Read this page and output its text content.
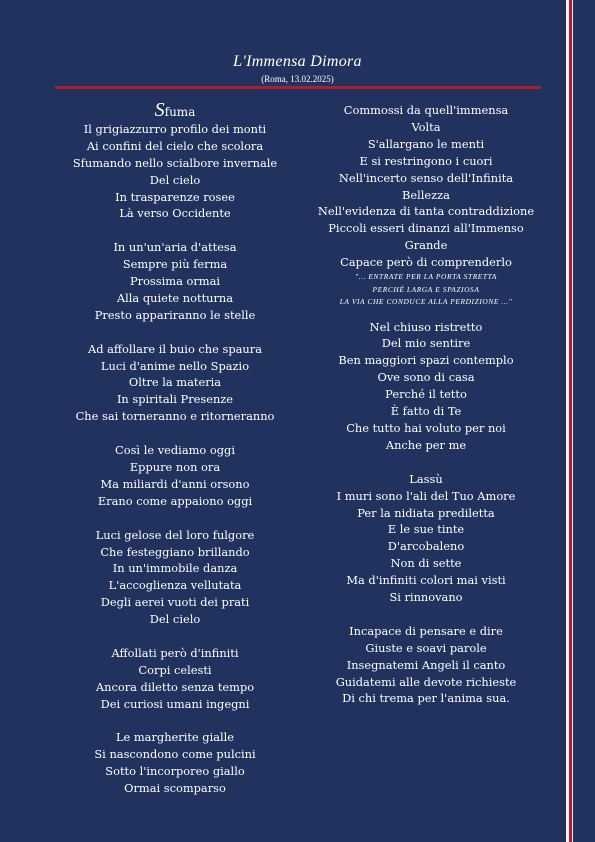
L'Immensa Dimora
(Roma, 13.02.2025)
Sfuma
Il grigiazzurro profilo dei monti
Ai confini del cielo che scolora
Sfumando nello scialbore invernale
Del cielo
In trasparenze rosee
Là verso Occidente
In un'un'aria d'attesa
Sempre più ferma
Prossima ormai
Alla quiete notturna
Presto appariranno le stelle
Ad affollare il buio che spaura
Luci d'anime nello Spazio
Oltre la materia
In spiritali Presenze
Che sai torneranno e ritorneranno
Così le vediamo oggi
Eppure non ora
Ma miliardi d'anni orsono
Erano come appaiono oggi
Luci gelose del loro fulgore
Che festeggiano brillando
In un'immobile danza
L'accoglienza vellutata
Degli aerei vuoti dei prati
Del cielo
Affollati però d'infiniti
Corpi celesti
Ancora diletto senza tempo
Dei curiosi umani ingegni
Le margherite gialle
Si nascondono come pulcini
Sotto l'incorporeo giallo
Ormai scomparso
Commossi da quell'immensa
Volta
S'allargano le menti
E si restringono i cuori
Nell'incerto senso dell'Infinita
Bellezza
Nell'evidenza di tanta contraddizione
Piccoli esseri dinanzi all'Immenso
Grande
Capace però di comprenderlo
"… ENTRATE PER LA PORTA STRETTA
PERCHÉ LARGA E SPAZIOSA
LA VIA CHE CONDUCE ALLA PERDIZIONE …"
Nel chiuso ristretto
Del mio sentire
Ben maggiori spazi contemplo
Ove sono di casa
Perché il tetto
È fatto di Te
Che tutto hai voluto per noi
Anche per me
Lassù
I muri sono l'ali del Tuo Amore
Per la nidiata prediletta
E le sue tinte
D'arcobaleno
Non di sette
Ma d'infiniti colori mai visti
Si rinnovano
Incapace di pensare e dire
Giuste e soavi parole
Insegnatemi Angeli il canto
Guidatemi alle devote richieste
Di chi trema per l'anima sua.
